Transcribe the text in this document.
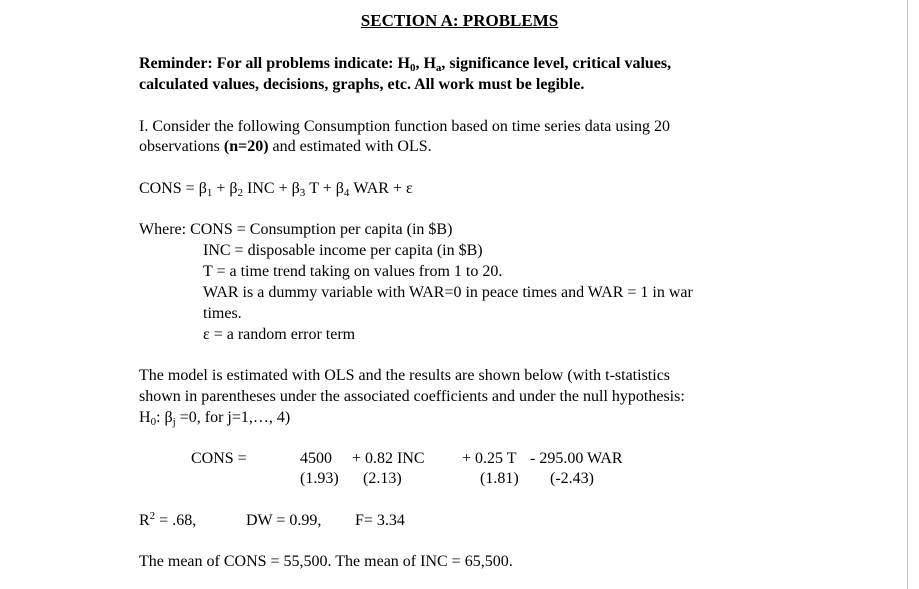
SECTION A: PROBLEMS
Reminder: For all problems indicate: $H_0$, $H_a$, significance level, critical values,
calculated values, decisions, graphs, etc. All work must be legible.
I. Consider the following Consumption function based on time series data using 20
observations (n=20) and estimated with OLS.
CONS = $\beta_1 + \beta_2$ INC + $\beta_3$ $T + \beta_4$ WAR + ε
Where: CONS = Consumption per capita (in $B)
INC = disposable income per capita (in $B)
T = a time trend taking on values from 1 to 20.
WAR is a dummy variable with WAR=0 in peace times and WAR = 1 in war
times.
ε = a random error term
The model is estimated with OLS and the results are shown below (with t-statistics
shown in parentheses under the associated coefficients and under the null hypothesis:
$H_0$: $\beta_j =0$, for j=1,…, 4)
CONS =	4500 + 0.82 INC + 0.25 T - 295.00 WAR
(1.93) (2.13)	(1.81) (-2.43)
$R^2 = .68$,	DW = 0.99, F= 3.34
The mean of CONS = 55,500. The mean of INC = 65,500.
